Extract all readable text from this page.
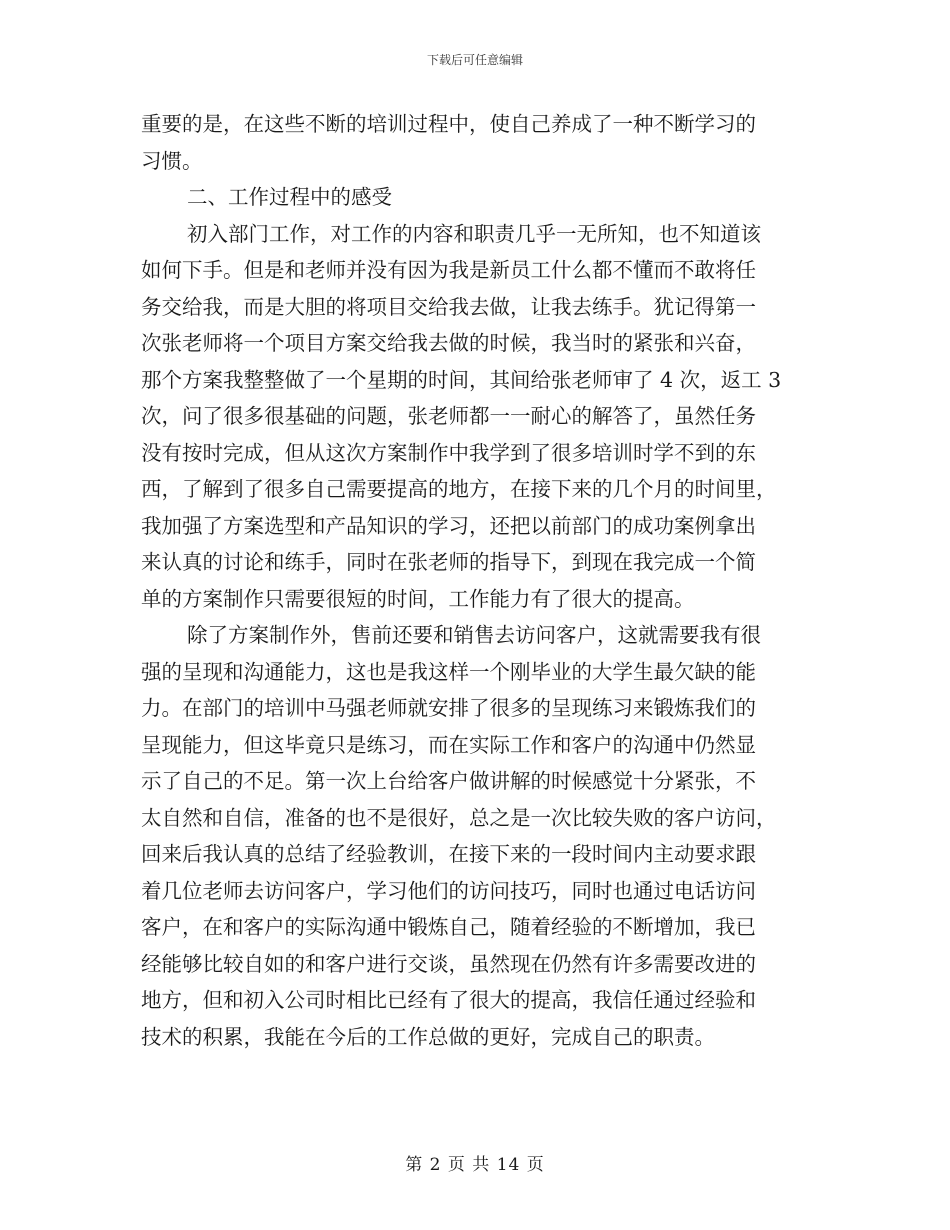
下载后可任意编辑
重要的是，在这些不断的培训过程中，使自己养成了一种不断学习的
习惯。
二、工作过程中的感受
初入部门工作，对工作的内容和职责几乎一无所知，也不知道该
如何下手。但是和老师并没有因为我是新员工什么都不懂而不敢将任
务交给我，而是大胆的将项目交给我去做，让我去练手。犹记得第一
次张老师将一个项目方案交给我去做的时候，我当时的紧张和兴奋，
那个方案我整整做了一个星期的时间，其间给张老师审了 4 次，返工 3
次，问了很多很基础的问题，张老师都一一耐心的解答了，虽然任务
没有按时完成，但从这次方案制作中我学到了很多培训时学不到的东
西，了解到了很多自己需要提高的地方，在接下来的几个月的时间里，
我加强了方案选型和产品知识的学习，还把以前部门的成功案例拿出
来认真的讨论和练手，同时在张老师的指导下，到现在我完成一个简
单的方案制作只需要很短的时间，工作能力有了很大的提高。
除了方案制作外，售前还要和销售去访问客户，这就需要我有很
强的呈现和沟通能力，这也是我这样一个刚毕业的大学生最欠缺的能
力。在部门的培训中马强老师就安排了很多的呈现练习来锻炼我们的
呈现能力，但这毕竟只是练习，而在实际工作和客户的沟通中仍然显
示了自己的不足。第一次上台给客户做讲解的时候感觉十分紧张，不
太自然和自信，准备的也不是很好，总之是一次比较失败的客户访问，
回来后我认真的总结了经验教训，在接下来的一段时间内主动要求跟
着几位老师去访问客户，学习他们的访问技巧，同时也通过电话访问
客户，在和客户的实际沟通中锻炼自己，随着经验的不断增加，我已
经能够比较自如的和客户进行交谈，虽然现在仍然有许多需要改进的
地方，但和初入公司时相比已经有了很大的提高，我信任通过经验和
技术的积累，我能在今后的工作总做的更好，完成自己的职责。
第 2 页 共 14 页
